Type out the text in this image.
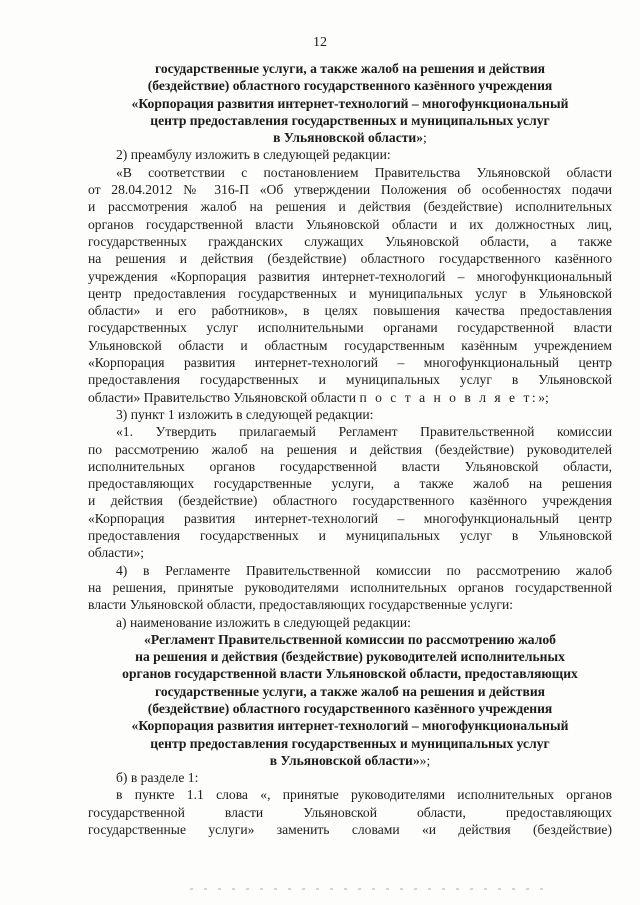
12
государственные услуги, а также жалоб на решения и действия
(бездействие) областного государственного казённого учреждения
«Корпорация развития интернет-технологий – многофункциональный
центр предоставления государственных и муниципальных услуг
в Ульяновской области»;
2) преамбулу изложить в следующей редакции:
«В соответствии с постановлением Правительства Ульяновской области
от 28.04.2012 № 316-П «Об утверждении Положения об особенностях подачи
и рассмотрения жалоб на решения и действия (бездействие) исполнительных
органов государственной власти Ульяновской области и их должностных лиц,
государственных гражданских служащих Ульяновской области, а также
на решения и действия (бездействие) областного государственного казённого
учреждения «Корпорация развития интернет-технологий – многофункциональный
центр предоставления государственных и муниципальных услуг в Ульяновской
области» и его работников», в целях повышения качества предоставления
государственных услуг исполнительными органами государственной власти
Ульяновской области и областным государственным казённым учреждением
«Корпорация развития интернет-технологий – многофункциональный центр
предоставления государственных и муниципальных услуг в Ульяновской
области» Правительство Ульяновской области п о с т а н о в л я е т:»;
3) пункт 1 изложить в следующей редакции:
«1. Утвердить прилагаемый Регламент Правительственной комиссии
по рассмотрению жалоб на решения и действия (бездействие) руководителей
исполнительных органов государственной власти Ульяновской области,
предоставляющих государственные услуги, а также жалоб на решения
и действия (бездействие) областного государственного казённого учреждения
«Корпорация развития интернет-технологий – многофункциональный центр
предоставления государственных и муниципальных услуг в Ульяновской
области»;
4) в Регламенте Правительственной комиссии по рассмотрению жалоб
на решения, принятые руководителями исполнительных органов государственной
власти Ульяновской области, предоставляющих государственные услуги:
а) наименование изложить в следующей редакции:
«Регламент Правительственной комиссии по рассмотрению жалоб
на решения и действия (бездействие) руководителей исполнительных
органов государственной власти Ульяновской области, предоставляющих
государственные услуги, а также жалоб на решения и действия
(бездействие) областного государственного казённого учреждения
«Корпорация развития интернет-технологий – многофункциональный
центр предоставления государственных и муниципальных услуг
в Ульяновской области»»;
б) в разделе 1:
в пункте 1.1 слова «, принятые руководителями исполнительных органов
государственной власти Ульяновской области, предоставляющих
государственные услуги» заменить словами «и действия (бездействие)
